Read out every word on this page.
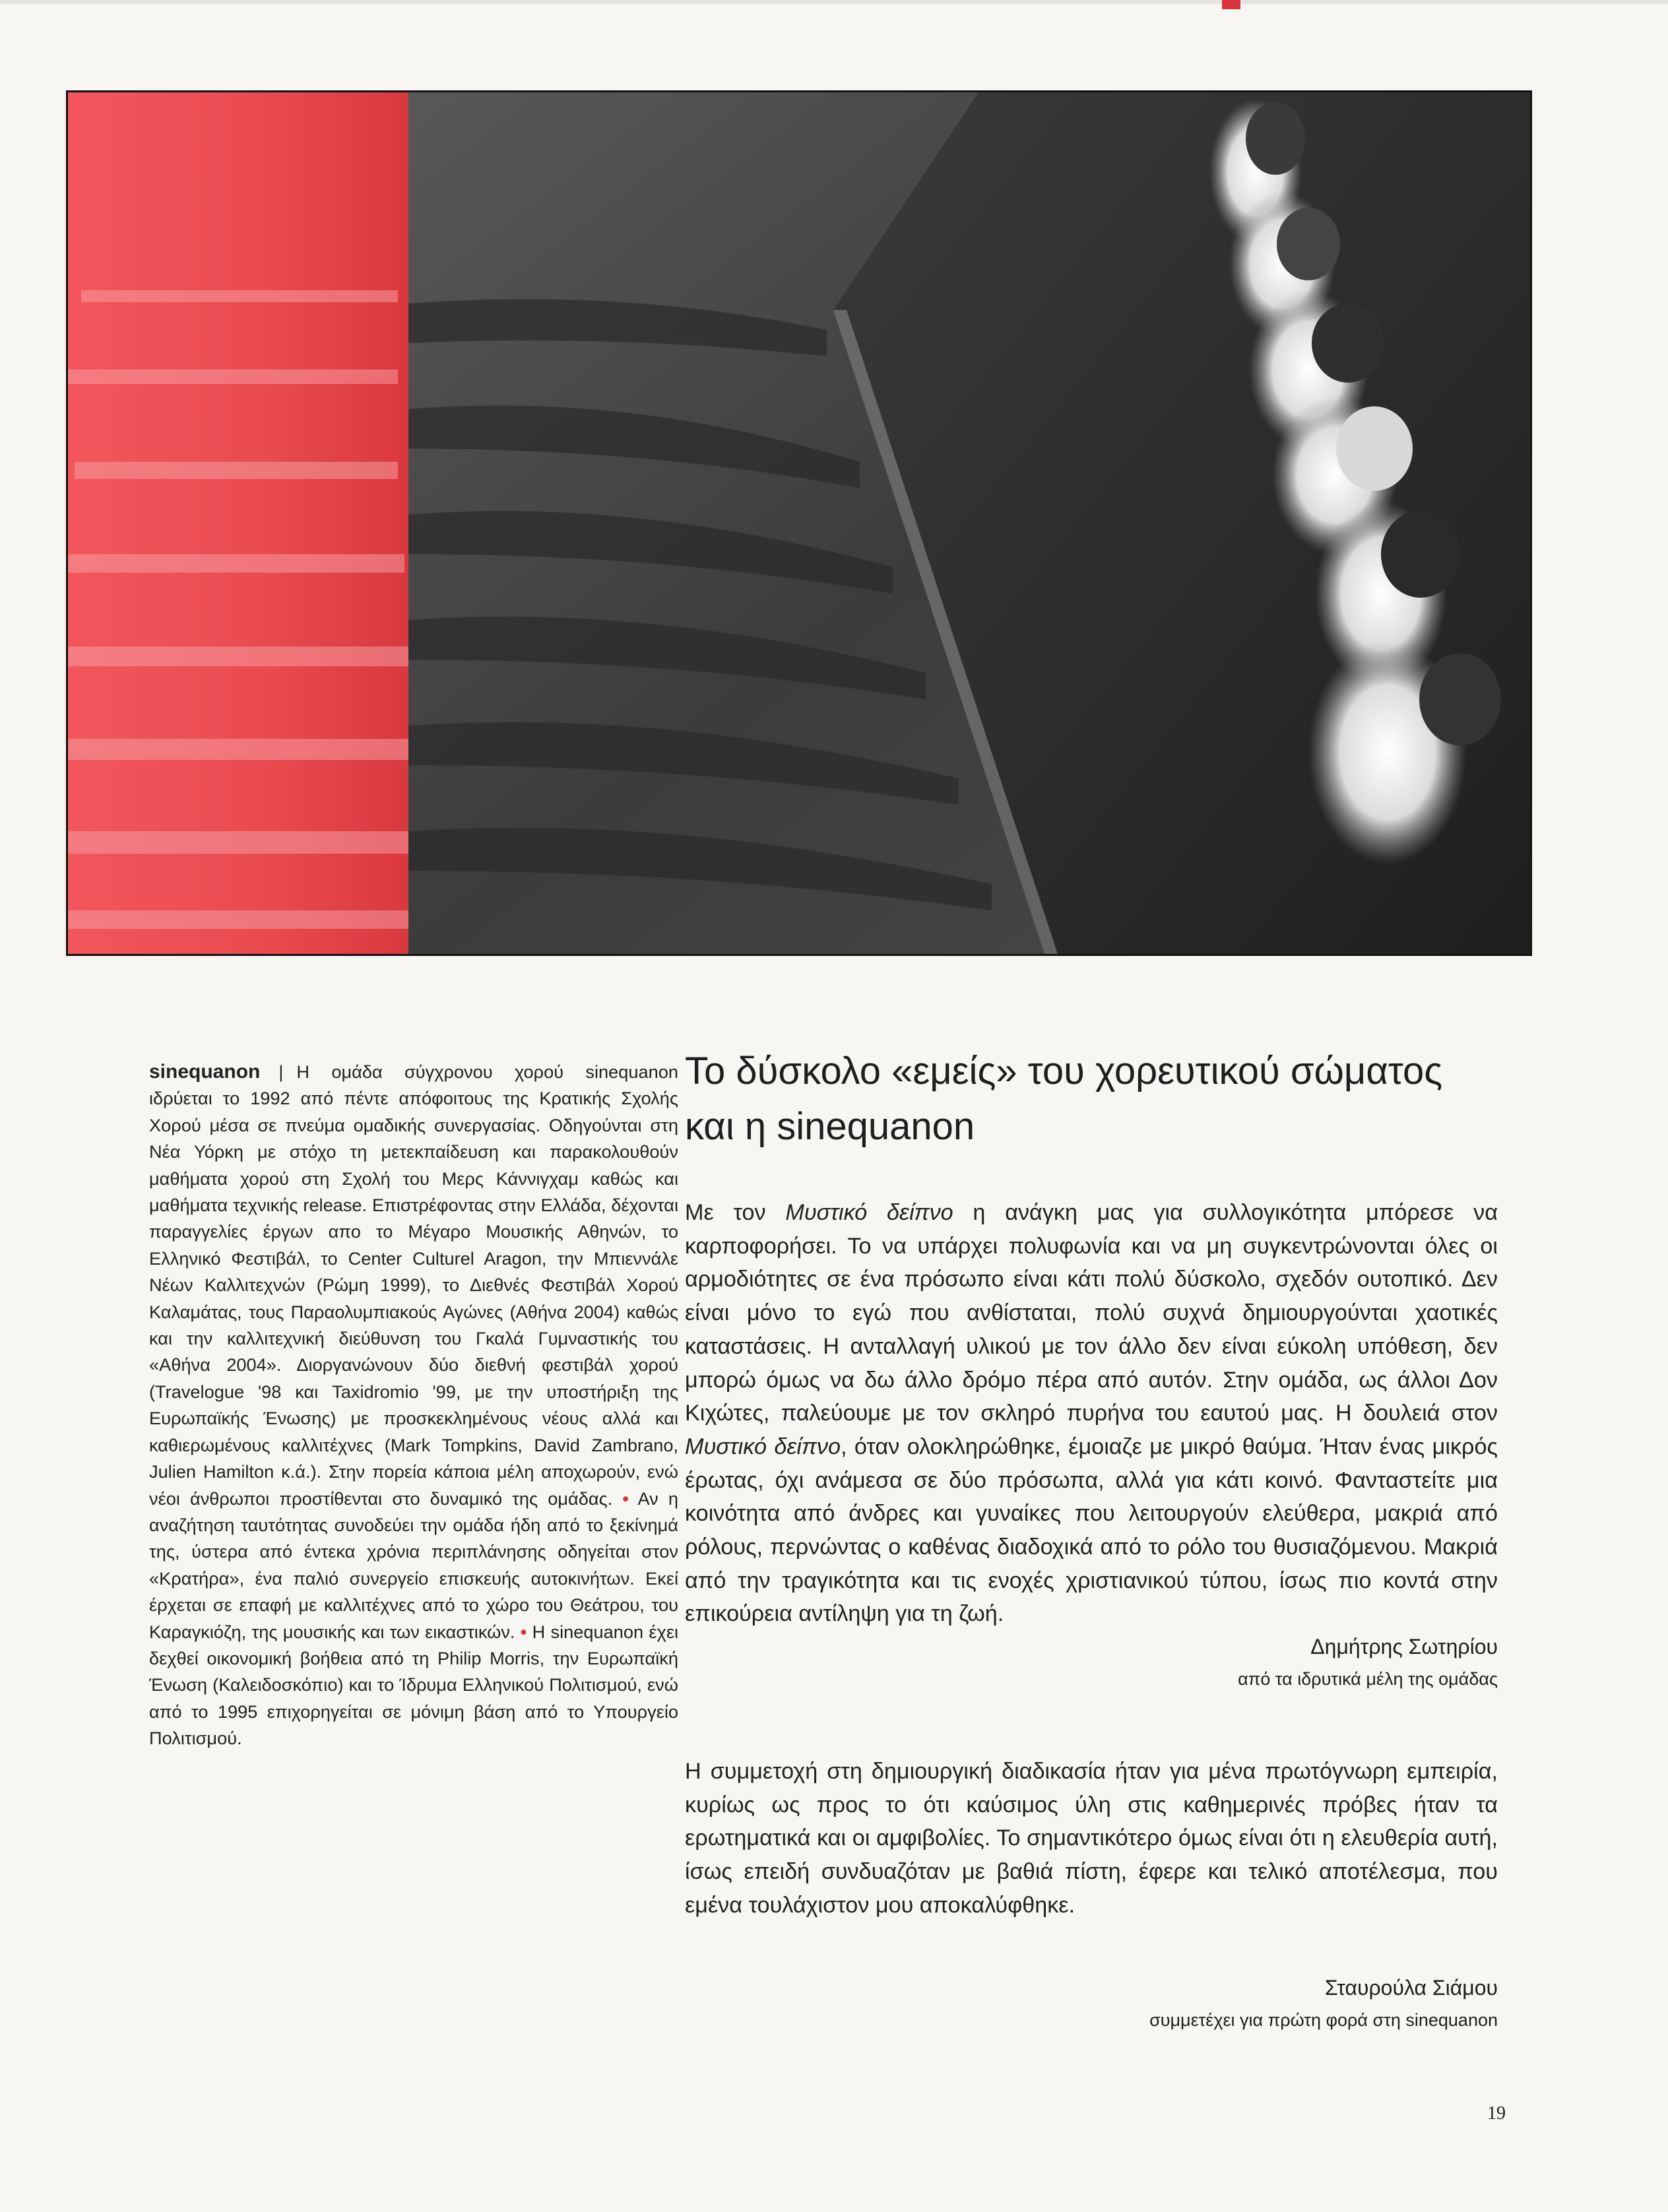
sinequanon | Η ομάδα σύγχρονου χορού sinequanon ιδρύεται το 1992 από πέντε απόφοιτους της Κρατικής Σχολής Χορού μέσα σε πνεύμα ομαδικής συνεργασίας. Οδηγούνται στη Νέα Υόρκη με στόχο τη μετεκπαίδευση και παρακολουθούν μαθήματα χορού στη Σχολή του Μερς Κάννιγχαμ καθώς και μαθήματα τεχνικής release. Επιστρέφοντας στην Ελλάδα, δέχονται παραγγελίες έργων απο το Μέγαρο Μουσικής Αθηνών, το Ελληνικό Φεστιβάλ, το Center Culturel Aragon, την Μπιεννάλε Νέων Καλλιτεχνών (Ρώμη 1999), το Διεθνές Φεστιβάλ Χορού Καλαμάτας, τους Παραολυμπιακούς Αγώνες (Αθήνα 2004) καθώς και την καλλιτεχνική διεύθυνση του Γκαλά Γυμναστικής του «Αθήνα 2004». Διοργανώνουν δύο διεθνή φεστιβάλ χορού (Travelogue '98 και Taxidromio '99, με την υποστήριξη της Ευρωπαϊκής Ένωσης) με προσκεκλημένους νέους αλλά και καθιερωμένους καλλιτέχνες (Mark Tompkins, David Zambrano, Julien Hamilton κ.ά.). Στην πορεία κάποια μέλη αποχωρούν, ενώ νέοι άνθρωποι προστίθενται στο δυναμικό της ομάδας. • Αν η αναζήτηση ταυτότητας συνοδεύει την ομάδα ήδη από το ξεκίνημά της, ύστερα από έντεκα χρόνια περιπλάνησης οδηγείται στον «Κρατήρα», ένα παλιό συνεργείο επισκευής αυτοκινήτων. Εκεί έρχεται σε επαφή με καλλιτέχνες από το χώρο του Θεάτρου, του Καραγκιόζη, της μουσικής και των εικαστικών. • Η sinequanon έχει δεχθεί οικονομική βοήθεια από τη Philip Morris, την Ευρωπαϊκή Ένωση (Καλειδοσκόπιο) και το Ίδρυμα Ελληνικού Πολιτισμού, ενώ από το 1995 επιχορηγείται σε μόνιμη βάση από το Υπουργείο Πολιτισμού.

Το δύσκολο «εμείς» του χορευτικού σώματος
και η sinequanon

Με τον Μυστικό δείπνο η ανάγκη μας για συλλογικότητα μπόρεσε να καρποφορήσει. Το να υπάρχει πολυφωνία και να μη συγκεντρώνονται όλες οι αρμοδιότητες σε ένα πρόσωπο είναι κάτι πολύ δύσκολο, σχεδόν ουτοπικό. Δεν είναι μόνο το εγώ που ανθίσταται, πολύ συχνά δημιουργούνται χαοτικές καταστάσεις. Η ανταλλαγή υλικού με τον άλλο δεν είναι εύκολη υπόθεση, δεν μπορώ όμως να δω άλλο δρόμο πέρα από αυτόν. Στην ομάδα, ως άλλοι Δον Κιχώτες, παλεύουμε με τον σκληρό πυρήνα του εαυτού μας. Η δουλειά στον Μυστικό δείπνο, όταν ολοκληρώθηκε, έμοιαζε με μικρό θαύμα. Ήταν ένας μικρός έρωτας, όχι ανάμεσα σε δύο πρόσωπα, αλλά για κάτι κοινό. Φανταστείτε μια κοινότητα από άνδρες και γυναίκες που λειτουργούν ελεύθερα, μακριά από ρόλους, περνώντας ο καθένας διαδοχικά από το ρόλο του θυσιαζόμενου. Μακριά από την τραγικότητα και τις ενοχές χριστιανικού τύπου, ίσως πιο κοντά στην επικούρεια αντίληψη για τη ζωή.

Δημήτρης Σωτηρίου
από τα ιδρυτικά μέλη της ομάδας

Η συμμετοχή στη δημιουργική διαδικασία ήταν για μένα πρωτόγνωρη εμπειρία, κυρίως ως προς το ότι καύσιμος ύλη στις καθημερινές πρόβες ήταν τα ερωτηματικά και οι αμφιβολίες. Το σημαντικότερο όμως είναι ότι η ελευθερία αυτή, ίσως επειδή συνδυαζόταν με βαθιά πίστη, έφερε και τελικό αποτέλεσμα, που εμένα τουλάχιστον μου αποκαλύφθηκε.

Σταυρούλα Σιάμου
συμμετέχει για πρώτη φορά στη sinequanon
19
